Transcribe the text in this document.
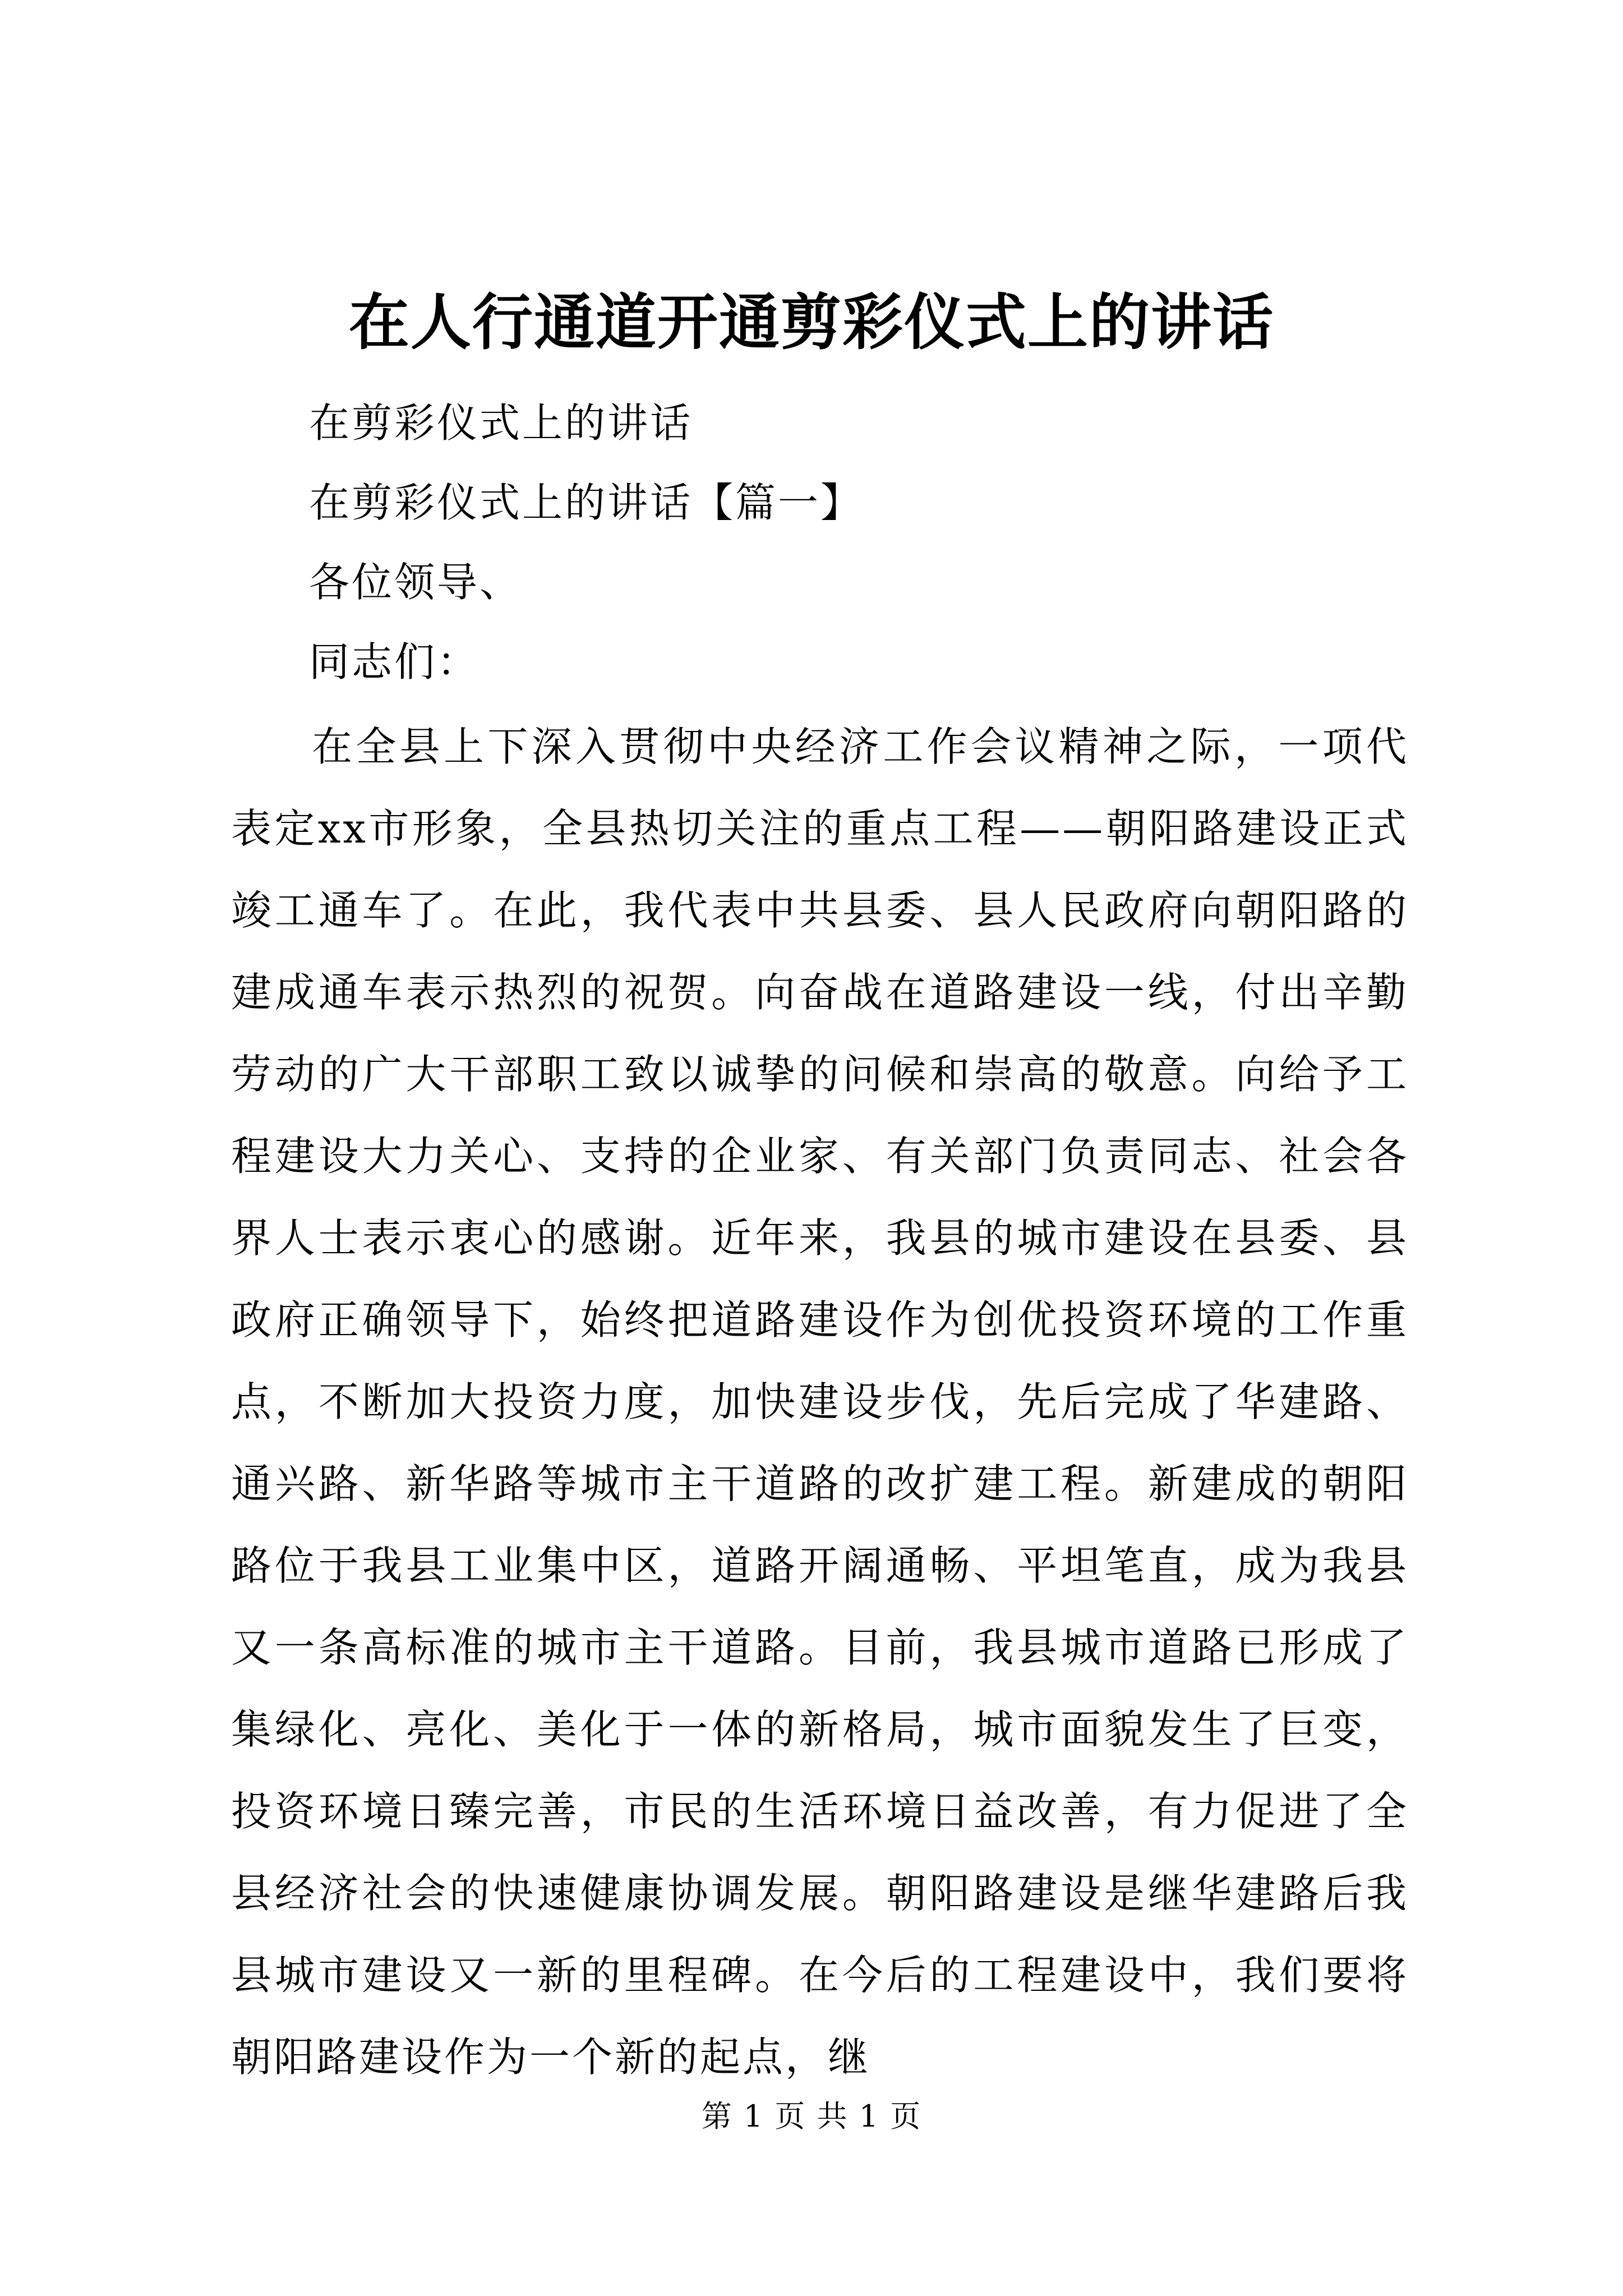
在人行通道开通剪彩仪式上的讲话
在剪彩仪式上的讲话
在剪彩仪式上的讲话【篇一】
各位领导、
同志们：

在全县上下深入贯彻中央经济工作会议精神之际，一项代表定xx市形象，全县热切关注的重点工程——朝阳路建设正式竣工通车了。在此，我代表中共县委、县人民政府向朝阳路的建成通车表示热烈的祝贺。向奋战在道路建设一线，付出辛勤劳动的广大干部职工致以诚挚的问候和崇高的敬意。向给予工程建设大力关心、支持的企业家、有关部门负责同志、社会各界人士表示衷心的感谢。近年来，我县的城市建设在县委、县政府正确领导下，始终把道路建设作为创优投资环境的工作重点，不断加大投资力度，加快建设步伐，先后完成了华建路、通兴路、新华路等城市主干道路的改扩建工程。新建成的朝阳路位于我县工业集中区，道路开阔通畅、平坦笔直，成为我县又一条高标准的城市主干道路。目前，我县城市道路已形成了集绿化、亮化、美化于一体的新格局，城市面貌发生了巨变，投资环境日臻完善，市民的生活环境日益改善，有力促进了全县经济社会的快速健康协调发展。朝阳路建设是继华建路后我县城市建设又一新的里程碑。在今后的工程建设中，我们要将朝阳路建设作为一个新的起点，继

第 1 页 共 1 页
